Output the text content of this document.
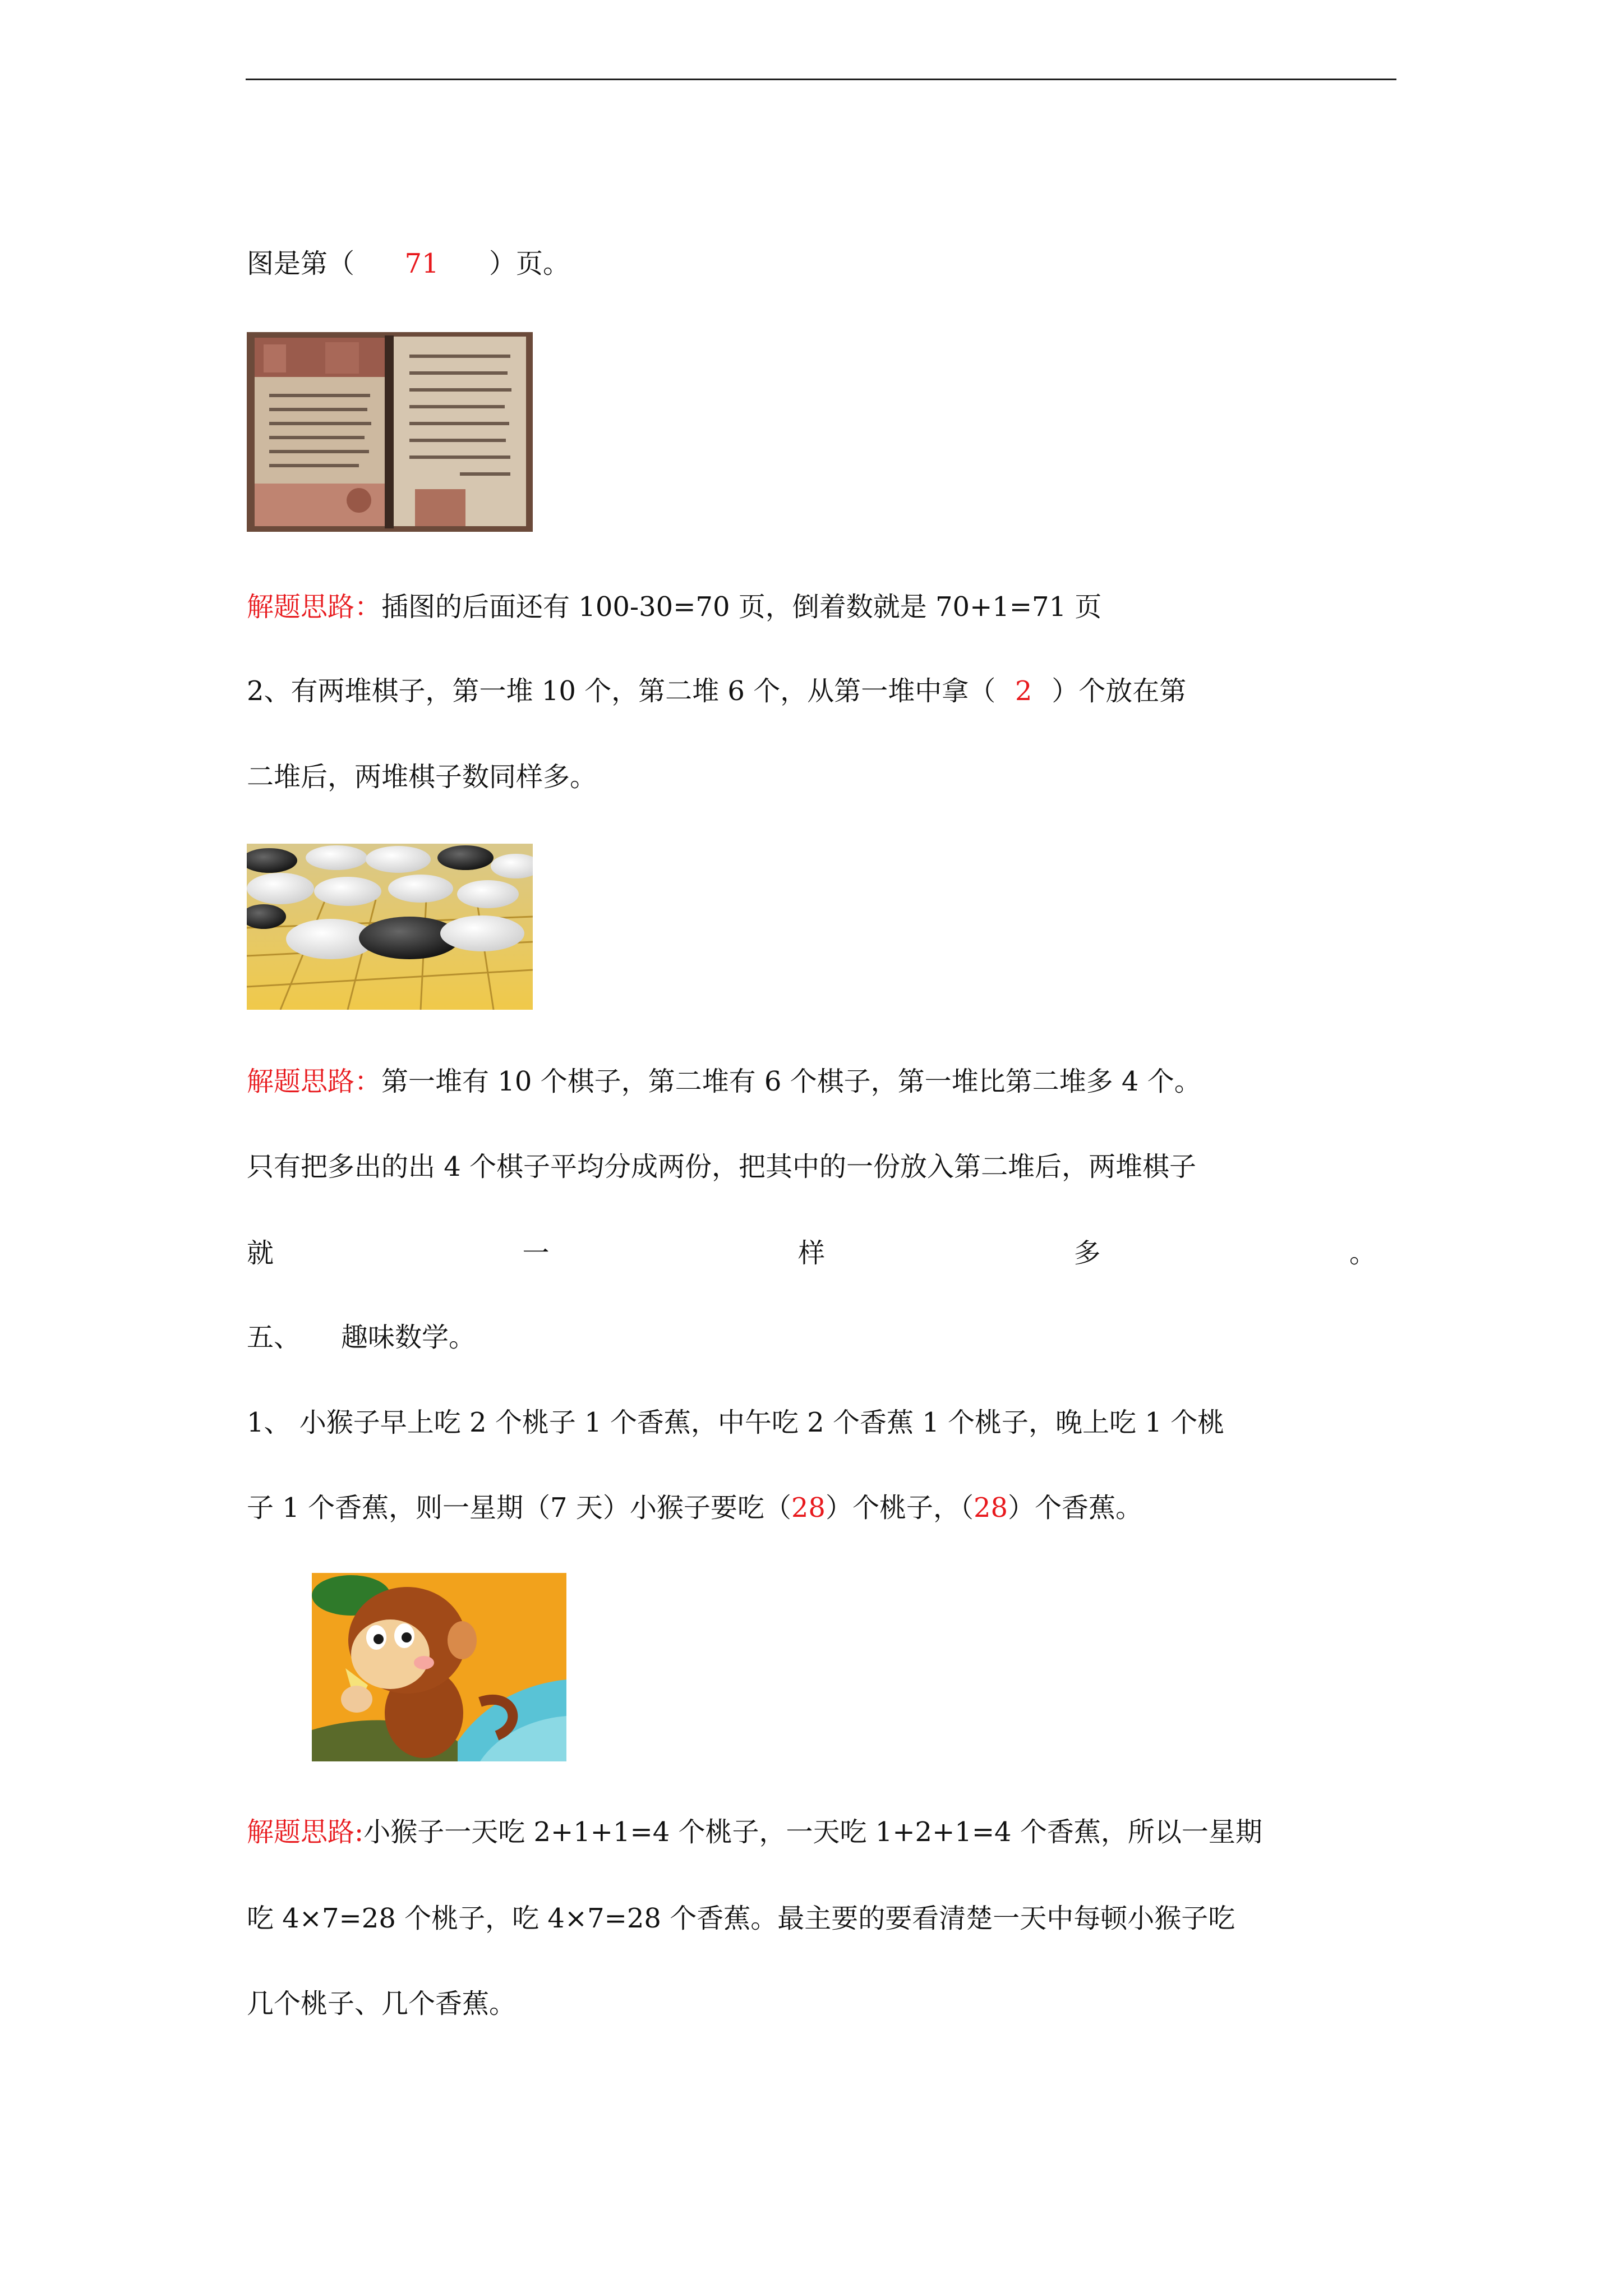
图是第（ 71 ）页。
解题思路：插图的后面还有 100-30=70 页，倒着数就是 70+1=71 页
2、有两堆棋子，第一堆 10 个，第二堆 6 个，从第一堆中拿（ 2 ）个放在第
二堆后，两堆棋子数同样多。
解题思路：第一堆有 10 个棋子，第二堆有 6 个棋子，第一堆比第二堆多 4 个。
只有把多出的出 4 个棋子平均分成两份，把其中的一份放入第二堆后，两堆棋子
就	一	样	多	。
五、 趣味数学。
1、 小猴子早上吃 2 个桃子 1 个香蕉，中午吃 2 个香蕉 1 个桃子，晚上吃 1 个桃
子 1 个香蕉，则一星期（7 天）小猴子要吃（28）个桃子，（28）个香蕉。
解题思路:小猴子一天吃 2+1+1=4 个桃子，一天吃 1+2+1=4 个香蕉，所以一星期
吃 4×7=28 个桃子，吃 4×7=28 个香蕉。最主要的要看清楚一天中每顿小猴子吃
几个桃子、几个香蕉。
